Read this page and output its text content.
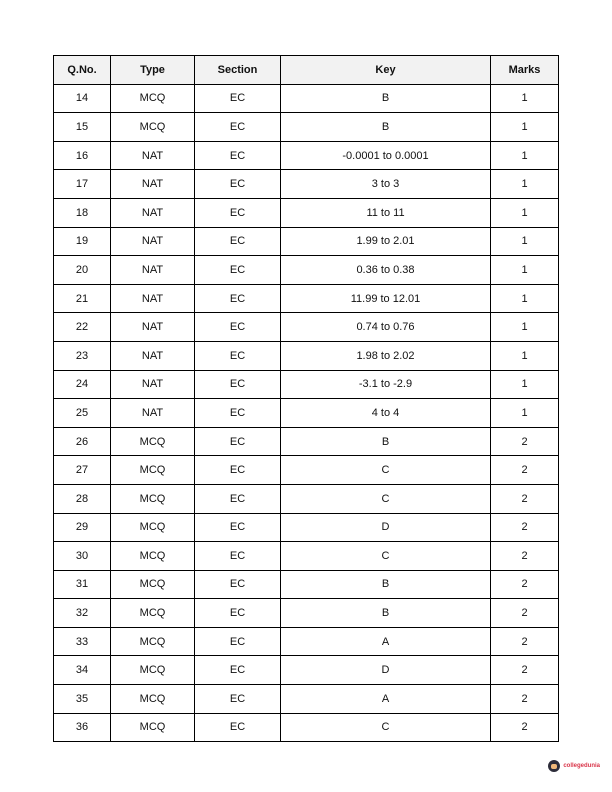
Q.No.	Type	Section	Key	Marks
14	MCQ	EC	B	1
15	MCQ	EC	B	1
16	NAT	EC	-0.0001 to 0.0001	1
17	NAT	EC	3 to 3	1
18	NAT	EC	11 to 11	1
19	NAT	EC	1.99 to 2.01	1
20	NAT	EC	0.36 to 0.38	1
21	NAT	EC	11.99 to 12.01	1
22	NAT	EC	0.74 to 0.76	1
23	NAT	EC	1.98 to 2.02	1
24	NAT	EC	-3.1 to -2.9	1
25	NAT	EC	4 to 4	1
26	MCQ	EC	B	2
27	MCQ	EC	C	2
28	MCQ	EC	C	2
29	MCQ	EC	D	2
30	MCQ	EC	C	2
31	MCQ	EC	B	2
32	MCQ	EC	B	2
33	MCQ	EC	A	2
34	MCQ	EC	D	2
35	MCQ	EC	A	2
36	MCQ	EC	C	2
collegedunia
